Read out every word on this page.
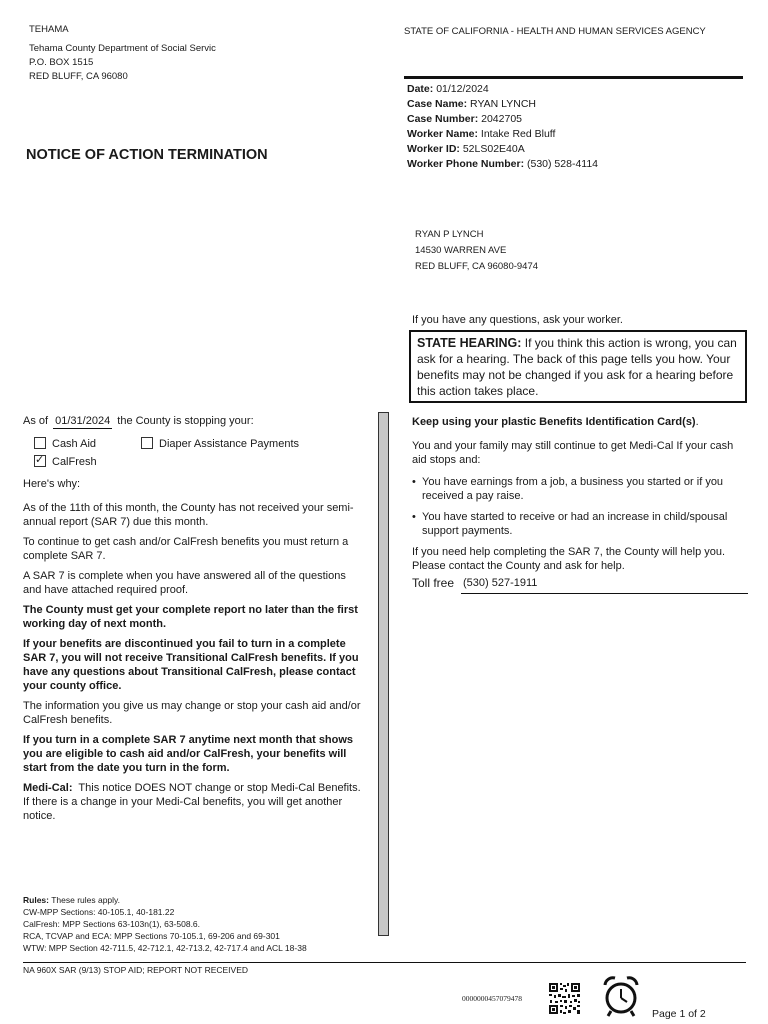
TEHAMA
Tehama County Department of Social Servic
P.O. BOX 1515
RED BLUFF, CA 96080
STATE OF CALIFORNIA - HEALTH AND HUMAN SERVICES AGENCY
NOTICE OF ACTION TERMINATION
Date: 01/12/2024
Case Name: RYAN LYNCH
Case Number: 2042705
Worker Name: Intake Red Bluff
Worker ID: 52LS02E40A
Worker Phone Number: (530) 528-4114
RYAN P LYNCH
14530 WARREN AVE
RED BLUFF, CA 96080-9474
If you have any questions, ask your worker.
STATE HEARING: If you think this action is wrong, you can ask for a hearing. The back of this page tells you how. Your benefits may not be changed if you ask for a hearing before this action takes place.
As of 01/31/2024 the County is stopping your:
Cash Aid	Diaper Assistance Payments
✓CalFresh

Here's why:

As of the 11th of this month, the County has not received your semi-annual report (SAR 7) due this month.

To continue to get cash and/or CalFresh benefits you must return a complete SAR 7.

A SAR 7 is complete when you have answered all of the questions and have attached required proof.

The County must get your complete report no later than the first working day of next month.

If your benefits are discontinued you fail to turn in a complete SAR 7, you will not receive Transitional CalFresh benefits. If you have any questions about Transitional CalFresh, please contact your county office.

The information you give us may change or stop your cash aid and/or CalFresh benefits.

If you turn in a complete SAR 7 anytime next month that shows you are eligible to cash aid and/or CalFresh, your benefits will start from the date you turn in the form.

Medi-Cal: This notice DOES NOT change or stop Medi-Cal Benefits. If there is a change in your Medi-Cal benefits, you will get another notice.

Rules: These rules apply.
CW-MPP Sections: 40-105.1, 40-181.22
CalFresh: MPP Sections 63-103n(1), 63-508.6.
RCA, TCVAP and ECA: MPP Sections 70-105.1, 69-206 and 69-301
WTW: MPP Section 42-711.5, 42-712.1, 42-713.2, 42-717.4 and ACL 18-38

Keep using your plastic Benefits Identification Card(s).

You and your family may still continue to get Medi-Cal If your cash aid stops and:

• You have earnings from a job, a business you started or if you received a pay raise.
• You have started to receive or had an increase in child/spousal support payments.

If you need help completing the SAR 7, the County will help you. Please contact the County and ask for help.

Toll free (530) 527-1911
NA 960X SAR (9/13) STOP AID; REPORT NOT RECEIVED
0000000457079478
Page 1 of 2
